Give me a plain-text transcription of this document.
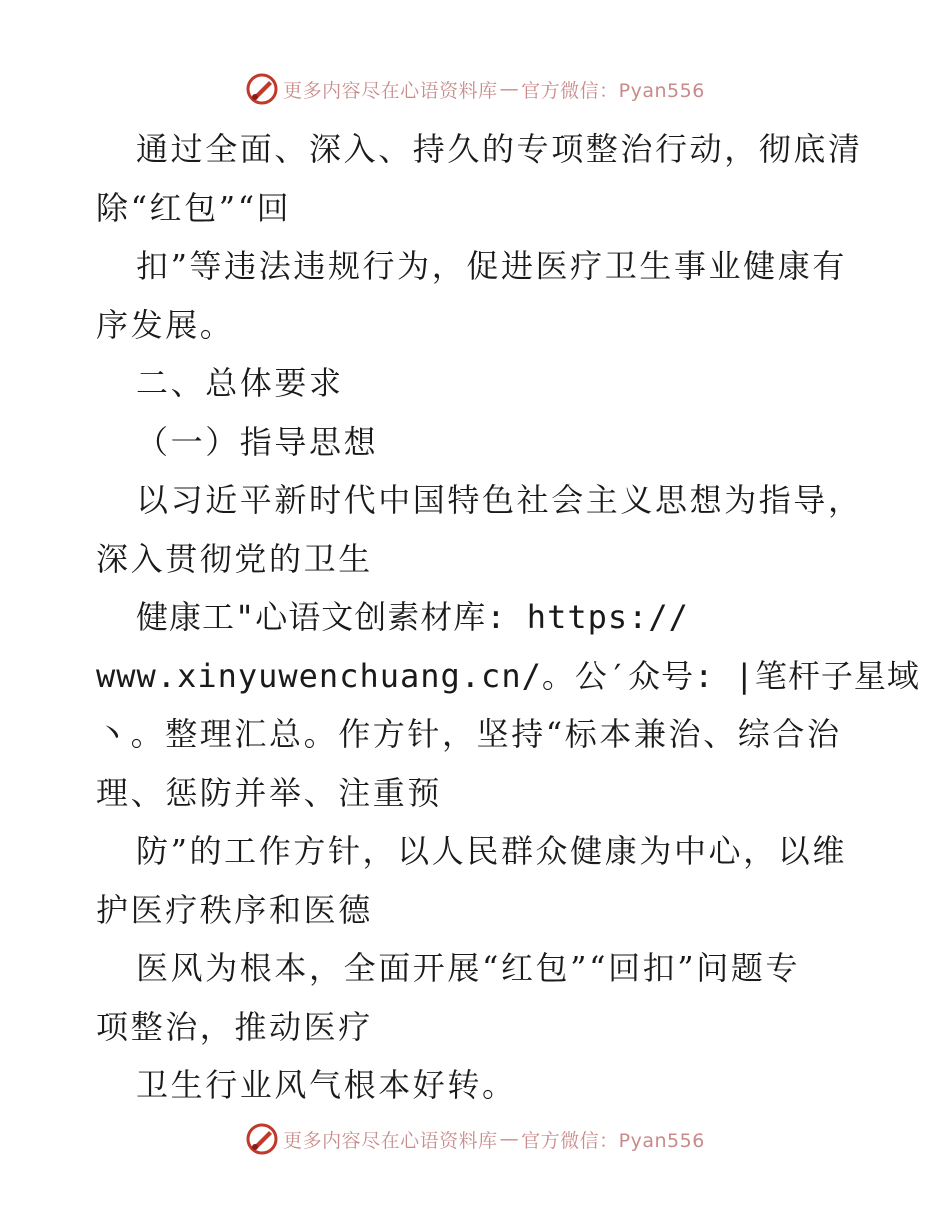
更多内容尽在心语资料库 — 官方微信：Pyan556

通过全面、深入、持久的专项整治行动，彻底清

除“红包”“回

扣”等违法违规行为，促进医疗卫生事业健康有

序发展。

二、总体要求

（一）指导思想

以习近平新时代中国特色社会主义思想为指导，

深入贯彻党的卫生

健康工"心语文创素材库: https://

www.xinyuwenchuang.cn/。公′众号: |笔杆子星域

丶。整理汇总。作方针，坚持“标本兼治、综合治

理、惩防并举、注重预

防”的工作方针，以人民群众健康为中心，以维

护医疗秩序和医德

医风为根本，全面开展“红包”“回扣”问题专

项整治，推动医疗

卫生行业风气根本好转。

更多内容尽在心语资料库 — 官方微信：Pyan556
